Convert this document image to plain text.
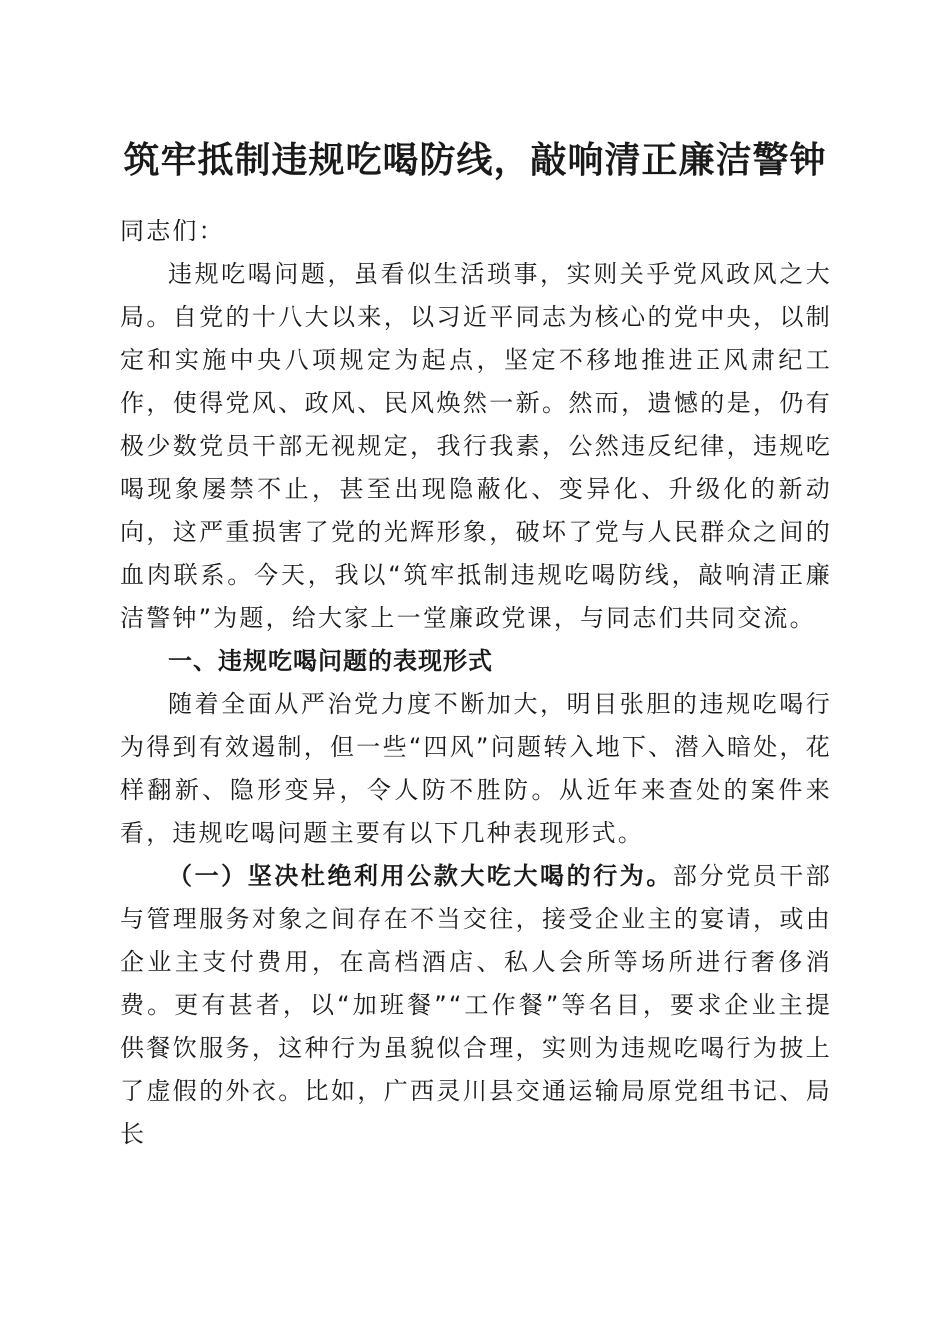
筑牢抵制违规吃喝防线，敲响清正廉洁警钟

同志们：

违规吃喝问题，虽看似生活琐事，实则关乎党风政风之大局。自党的十八大以来，以习近平同志为核心的党中央，以制定和实施中央八项规定为起点，坚定不移地推进正风肃纪工作，使得党风、政风、民风焕然一新。然而，遗憾的是，仍有极少数党员干部无视规定，我行我素，公然违反纪律，违规吃喝现象屡禁不止，甚至出现隐蔽化、变异化、升级化的新动向，这严重损害了党的光辉形象，破坏了党与人民群众之间的血肉联系。今天，我以“筑牢抵制违规吃喝防线，敲响清正廉洁警钟”为题，给大家上一堂廉政党课，与同志们共同交流。

一、违规吃喝问题的表现形式

随着全面从严治党力度不断加大，明目张胆的违规吃喝行为得到有效遏制，但一些“四风”问题转入地下、潜入暗处，花样翻新、隐形变异，令人防不胜防。从近年来查处的案件来看，违规吃喝问题主要有以下几种表现形式。

（一）坚决杜绝利用公款大吃大喝的行为。部分党员干部与管理服务对象之间存在不当交往，接受企业主的宴请，或由企业主支付费用，在高档酒店、私人会所等场所进行奢侈消费。更有甚者，以“加班餐”“工作餐”等名目，要求企业主提供餐饮服务，这种行为虽貌似合理，实则为违规吃喝行为披上了虚假的外衣。比如，广西灵川县交通运输局原党组书记、局长
